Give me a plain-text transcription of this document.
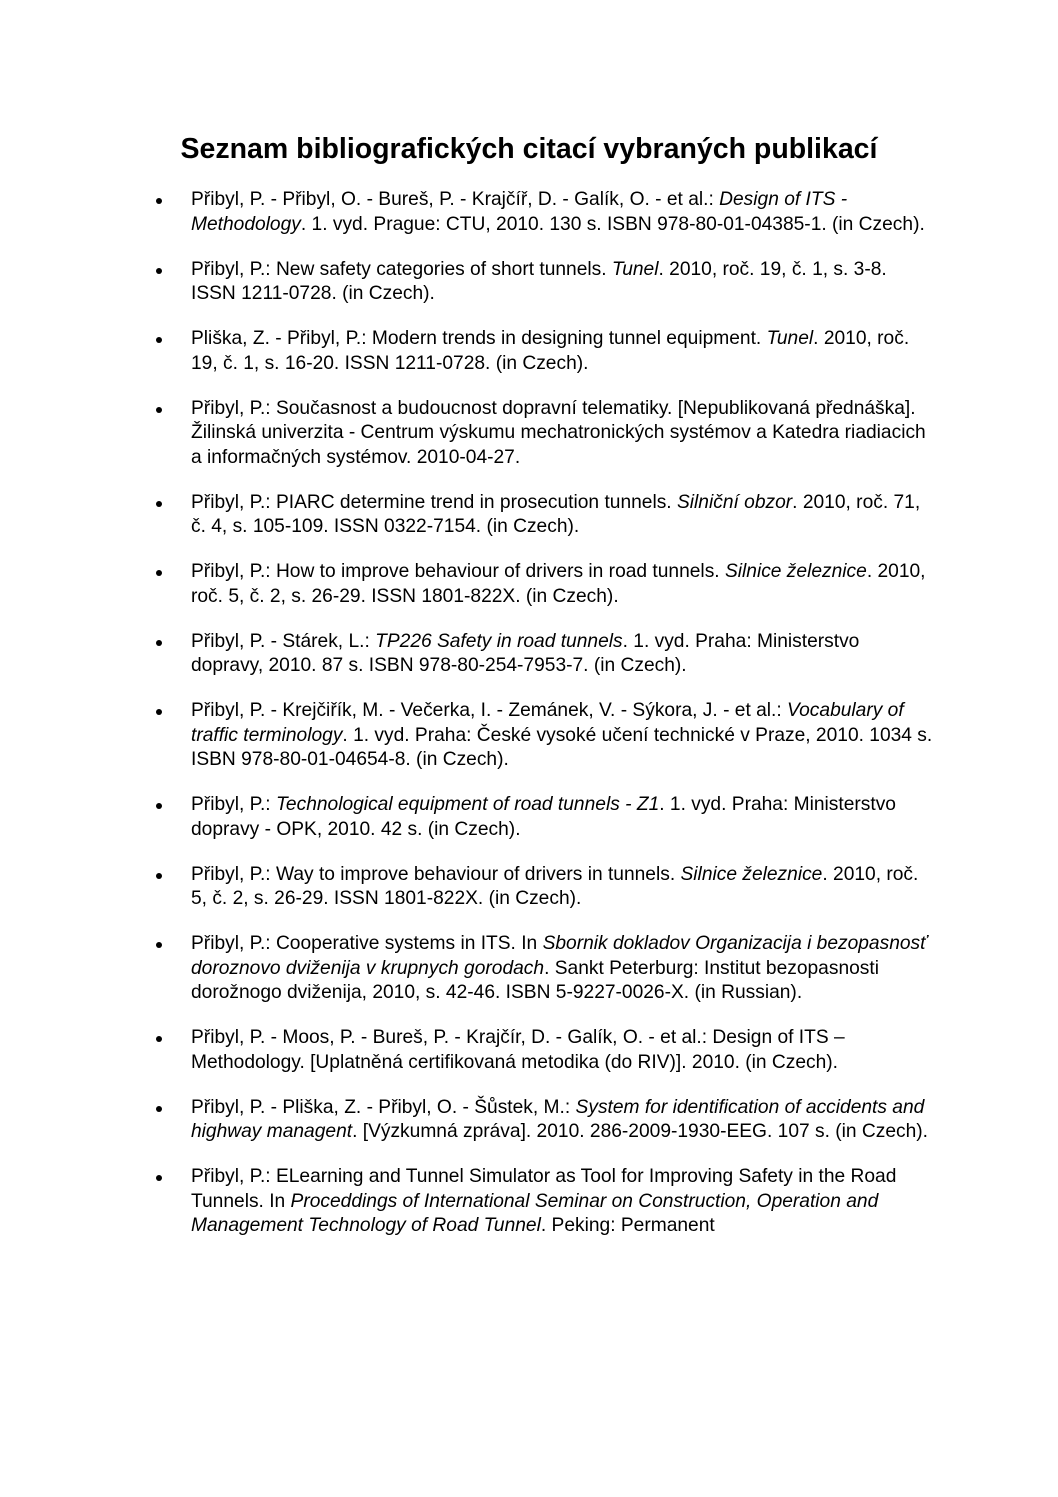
Seznam bibliografických citací vybraných publikací
Přibyl, P. - Přibyl, O. - Bureš, P. - Krajčíř, D. - Galík, O. - et al.: Design of ITS - Methodology. 1. vyd. Prague: CTU, 2010. 130 s. ISBN 978-80-01-04385-1. (in Czech).
Přibyl, P.: New safety categories of short tunnels. Tunel. 2010, roč. 19, č. 1, s. 3-8. ISSN 1211-0728. (in Czech).
Pliška, Z. - Přibyl, P.: Modern trends in designing tunnel equipment. Tunel. 2010, roč. 19, č. 1, s. 16-20. ISSN 1211-0728. (in Czech).
Přibyl, P.: Současnost a budoucnost dopravní telematiky. [Nepublikovaná přednáška]. Žilinská univerzita - Centrum výskumu mechatronických systémov a Katedra riadiacich a informačných systémov. 2010-04-27.
Přibyl, P.: PIARC determine trend in prosecution tunnels. Silniční obzor. 2010, roč. 71, č. 4, s. 105-109. ISSN 0322-7154. (in Czech).
Přibyl, P.: How to improve behaviour of drivers in road tunnels. Silnice železnice. 2010, roč. 5, č. 2, s. 26-29. ISSN 1801-822X. (in Czech).
Přibyl, P. - Stárek, L.: TP226 Safety in road tunnels. 1. vyd. Praha: Ministerstvo dopravy, 2010. 87 s. ISBN 978-80-254-7953-7. (in Czech).
Přibyl, P. - Krejčiřík, M. - Večerka, I. - Zemánek, V. - Sýkora, J. - et al.: Vocabulary of traffic terminology. 1. vyd. Praha: České vysoké učení technické v Praze, 2010. 1034 s. ISBN 978-80-01-04654-8. (in Czech).
Přibyl, P.: Technological equipment of road tunnels - Z1. 1. vyd. Praha: Ministerstvo dopravy - OPK, 2010. 42 s. (in Czech).
Přibyl, P.: Way to improve behaviour of drivers in tunnels. Silnice železnice. 2010, roč. 5, č. 2, s. 26-29. ISSN 1801-822X. (in Czech).
Přibyl, P.: Cooperative systems in ITS. In Sbornik dokladov Organizacija i bezopasnosť doroznovo dviženija v krupnych gorodach. Sankt Peterburg: Institut bezopasnosti dorožnogo dviženija, 2010, s. 42-46. ISBN 5-9227-0026-X. (in Russian).
Přibyl, P. - Moos, P. - Bureš, P. - Krajčír, D. - Galík, O. - et al.: Design of ITS – Methodology. [Uplatněná certifikovaná metodika (do RIV)]. 2010. (in Czech).
Přibyl, P. - Pliška, Z. - Přibyl, O. - Šůstek, M.: System for identification of accidents and highway managent. [Výzkumná zpráva]. 2010. 286-2009-1930-EEG. 107 s. (in Czech).
Přibyl, P.: ELearning and Tunnel Simulator as Tool for Improving Safety in the Road Tunnels. In Proceddings of International Seminar on Construction, Operation and Management Technology of Road Tunnel. Peking: Permanent
